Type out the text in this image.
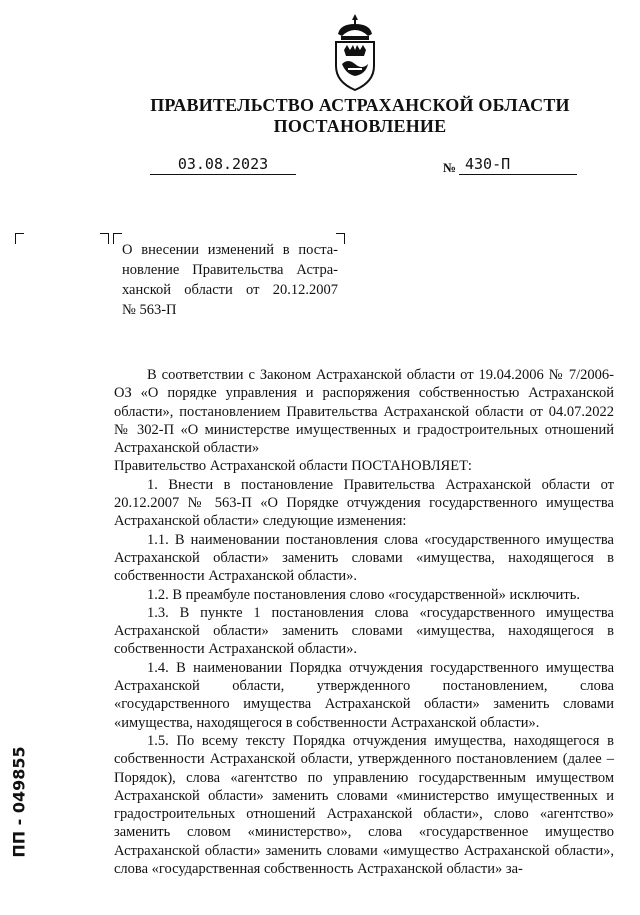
ПРАВИТЕЛЬСТВО АСТРАХАНСКОЙ ОБЛАСТИ
ПОСТАНОВЛЕНИЕ
03.08.2023	№ 430-П
О внесении изменений в поста-
новление Правительства Астра-
ханской области от 20.12.2007
№ 563-П

В соответствии с Законом Астраханской области от 19.04.2006 № 7/2006-ОЗ «О порядке управления и распоряжения собственностью Астраханской области», постановлением Правительства Астраханской области от 04.07.2022 № 302-П «О министерстве имущественных и градостроительных отношений Астраханской области»

Правительство Астраханской области ПОСТАНОВЛЯЕТ:

1. Внести в постановление Правительства Астраханской области от 20.12.2007 № 563-П «О Порядке отчуждения государственного имущества Астраханской области» следующие изменения:

1.1. В наименовании постановления слова «государственного имущества Астраханской области» заменить словами «имущества, находящегося в собственности Астраханской области».

1.2. В преамбуле постановления слово «государственной» исключить.

1.3. В пункте 1 постановления слова «государственного имущества Астраханской области» заменить словами «имущества, находящегося в собственности Астраханской области».

1.4. В наименовании Порядка отчуждения государственного имущества Астраханской области, утвержденного постановлением, слова «государственного имущества Астраханской области» заменить словами «имущества, находящегося в собственности Астраханской области».

1.5. По всему тексту Порядка отчуждения имущества, находящегося в собственности Астраханской области, утвержденного постановлением (далее – Порядок), слова «агентство по управлению государственным имуществом Астраханской области» заменить словами «министерство имущественных и градостроительных отношений Астраханской области», слово «агентство» заменить словом «министерство», слова «государственное имущество Астраханской области» заменить словами «имущество Астраханской области», слова «государственная собственность Астраханской области» за-

ПП - 049855
